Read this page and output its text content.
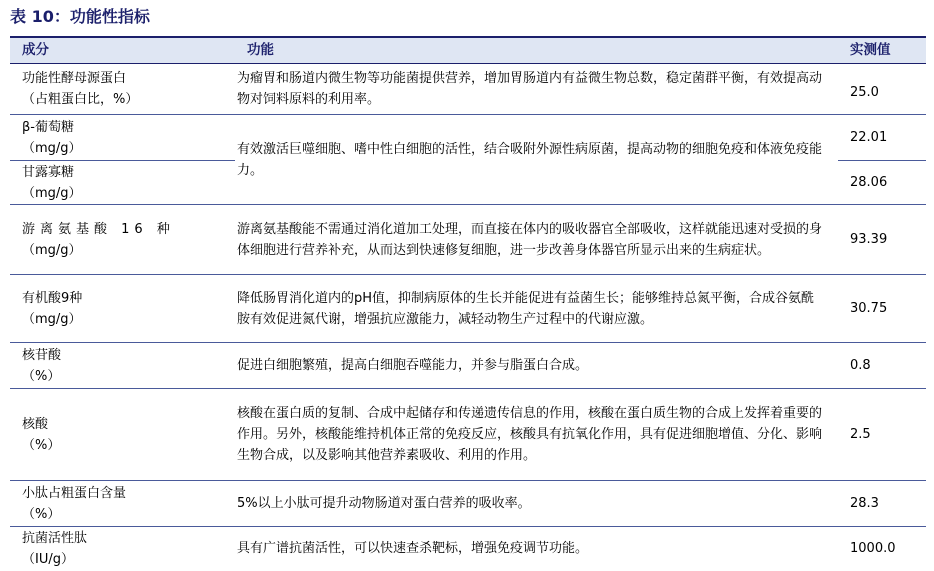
表 10：功能性指标
成分	功能	实测值

功能性酵母源蛋白
（占粗蛋白比，%）	为瘤胃和肠道内微生物等功能菌提供营养，增加胃肠道内有益微生物总数，稳定菌群平衡，有效提高动物对饲料原料的利用率。	25.0

β-葡萄糖
（mg/g）	有效激活巨噬细胞、嗜中性白细胞的活性，结合吸附外源性病原菌，提高动物的细胞免疫和体液免疫能力。	22.01

甘露寡糖
（mg/g）		28.06

游离氨基酸 16 种
（mg/g）	游离氨基酸能不需通过消化道加工处理，而直接在体内的吸收器官全部吸收，这样就能迅速对受损的身体细胞进行营养补充，从而达到快速修复细胞，进一步改善身体器官所显示出来的生病症状。	93.39

有机酸9种
（mg/g）	降低肠胃消化道内的pH值，抑制病原体的生长并能促进有益菌生长；能够维持总氮平衡，合成谷氨酰胺有效促进氮代谢，增强抗应激能力，减轻动物生产过程中的代谢应激。	30.75

核苷酸
（%）	促进白细胞繁殖，提高白细胞吞噬能力，并参与脂蛋白合成。	0.8

核酸
（%）	核酸在蛋白质的复制、合成中起储存和传递遗传信息的作用，核酸在蛋白质生物的合成上发挥着重要的作用。另外，核酸能维持机体正常的免疫反应，核酸具有抗氧化作用，具有促进细胞增值、分化、影响生物合成，以及影响其他营养素吸收、利用的作用。	2.5

小肽占粗蛋白含量
（%）	5%以上小肽可提升动物肠道对蛋白营养的吸收率。	28.3

抗菌活性肽
（IU/g）	具有广谱抗菌活性，可以快速查杀靶标，增强免疫调节功能。	1000.0
